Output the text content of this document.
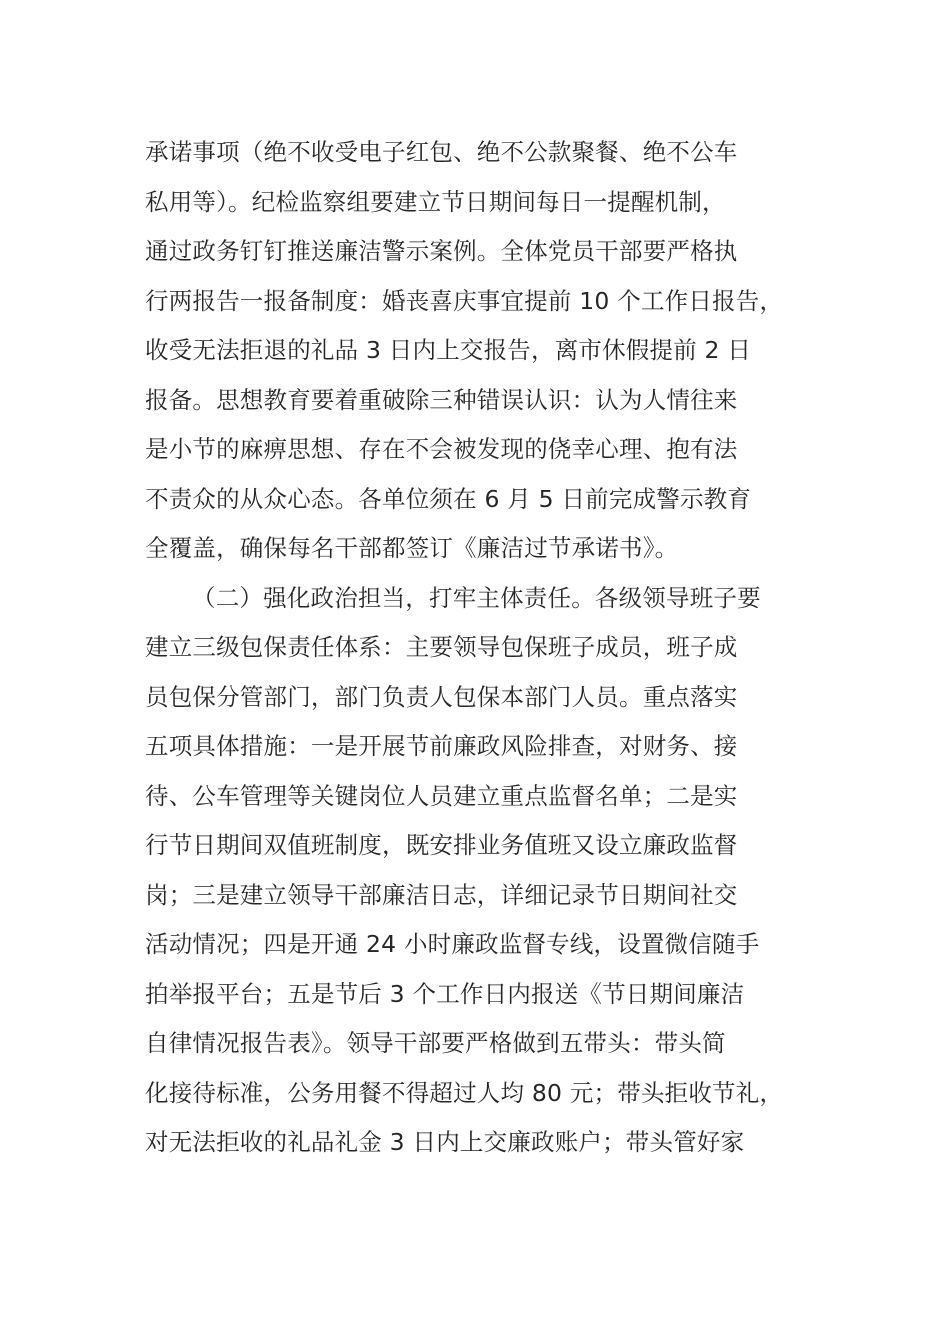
承诺事项（绝不收受电子红包、绝不公款聚餐、绝不公车
私用等）。纪检监察组要建立节日期间每日一提醒机制，
通过政务钉钉推送廉洁警示案例。全体党员干部要严格执
行两报告一报备制度：婚丧喜庆事宜提前 10 个工作日报告，
收受无法拒退的礼品 3 日内上交报告，离市休假提前 2 日
报备。思想教育要着重破除三种错误认识：认为人情往来
是小节的麻痹思想、存在不会被发现的侥幸心理、抱有法
不责众的从众心态。各单位须在 6 月 5 日前完成警示教育
全覆盖，确保每名干部都签订《廉洁过节承诺书》。
（二）强化政治担当，打牢主体责任。各级领导班子要
建立三级包保责任体系：主要领导包保班子成员，班子成
员包保分管部门，部门负责人包保本部门人员。重点落实
五项具体措施：一是开展节前廉政风险排查，对财务、接
待、公车管理等关键岗位人员建立重点监督名单；二是实
行节日期间双值班制度，既安排业务值班又设立廉政监督
岗；三是建立领导干部廉洁日志，详细记录节日期间社交
活动情况；四是开通 24 小时廉政监督专线，设置微信随手
拍举报平台；五是节后 3 个工作日内报送《节日期间廉洁
自律情况报告表》。领导干部要严格做到五带头：带头简
化接待标准，公务用餐不得超过人均 80 元；带头拒收节礼，
对无法拒收的礼品礼金 3 日内上交廉政账户；带头管好家
